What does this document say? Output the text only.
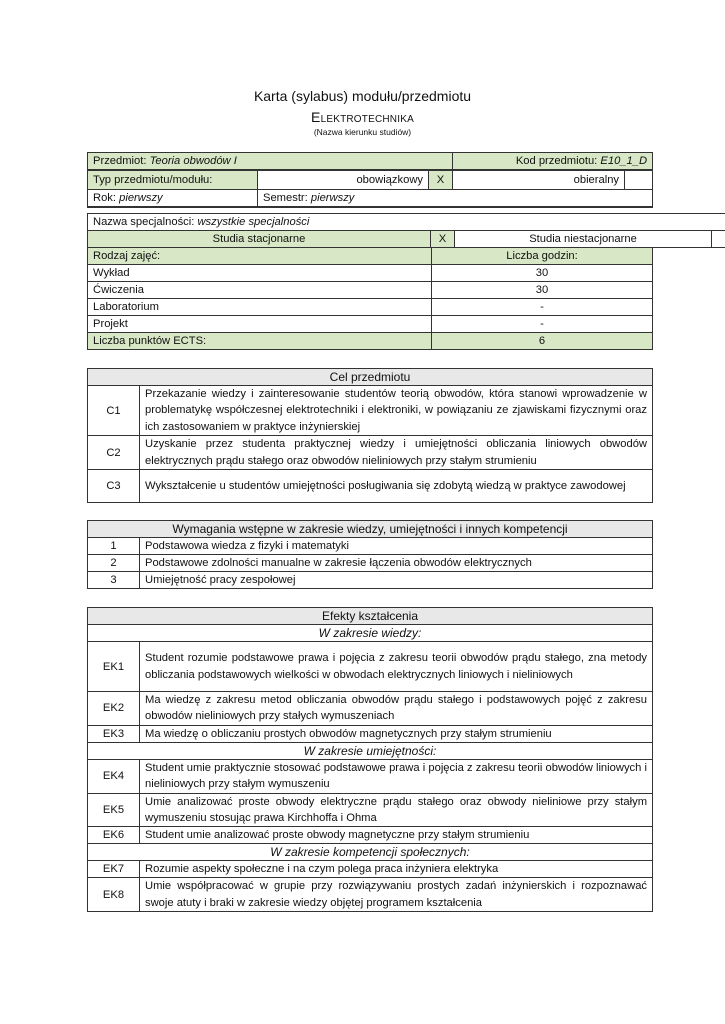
Karta (sylabus) modułu/przedmiotu
Elektrotechnika
(Nazwa kierunku studiów)
Przedmiot: Teoria obwodów I			Kod przedmiotu: E10_1_D	
Typ przedmiotu/modułu:	obowiązkowy	X	obieralny	
Rok: pierwszy	Semestr: pierwszy			
Nazwa specjalności: wszystkie specjalności
Studia stacjonarne	X	Studia niestacjonarne	
Rodzaj zajęć:	Liczba godzin:
Wykład	30
Ćwiczenia	30
Laboratorium	-
Projekt	-
Liczba punktów ECTS:	6
Cel przedmiotu	
C1	Przekazanie wiedzy i zainteresowanie studentów teorią obwodów, która stanowi wprowadzenie w problematykę współczesnej elektrotechniki i elektroniki, w powiązaniu ze zjawiskami fizycznymi oraz ich zastosowaniem w praktyce inżynierskiej
C2	Uzyskanie przez studenta praktycznej wiedzy i umiejętności obliczania liniowych obwodów elektrycznych prądu stałego oraz obwodów nieliniowych przy stałym strumieniu
C3	Wykształcenie u studentów umiejętności posługiwania się zdobytą wiedzą w praktyce zawodowej
Wymagania wstępne w zakresie wiedzy, umiejętności i innych kompetencji	
1	Podstawowa wiedza z fizyki i matematyki
2	Podstawowe zdolności manualne w zakresie łączenia obwodów elektrycznych
3	Umiejętność pracy zespołowej
Efekty kształcenia	
W zakresie wiedzy:	
EK1	Student rozumie podstawowe prawa i pojęcia z zakresu teorii obwodów prądu stałego, zna metody obliczania podstawowych wielkości w obwodach elektrycznych liniowych i nieliniowych
EK2	Ma wiedzę z zakresu metod obliczania obwodów prądu stałego i podstawowych pojęć z zakresu obwodów nieliniowych przy stałych wymuszeniach
EK3	Ma wiedzę o obliczaniu prostych obwodów magnetycznych przy stałym strumieniu
W zakresie umiejętności:	
EK4	Student umie praktycznie stosować podstawowe prawa i pojęcia z zakresu teorii obwodów liniowych i nieliniowych przy stałym wymuszeniu
EK5	Umie analizować proste obwody elektryczne prądu stałego oraz obwody nieliniowe przy stałym wymuszeniu stosując prawa Kirchhoffa i Ohma
EK6	Student umie analizować proste obwody magnetyczne przy stałym strumieniu
W zakresie kompetencji społecznych:	
EK7	Rozumie aspekty społeczne i na czym polega praca inżyniera elektryka
EK8	Umie współpracować w grupie przy rozwiązywaniu prostych zadań inżynierskich i rozpoznawać swoje atuty i braki w zakresie wiedzy objętej programem kształcenia
